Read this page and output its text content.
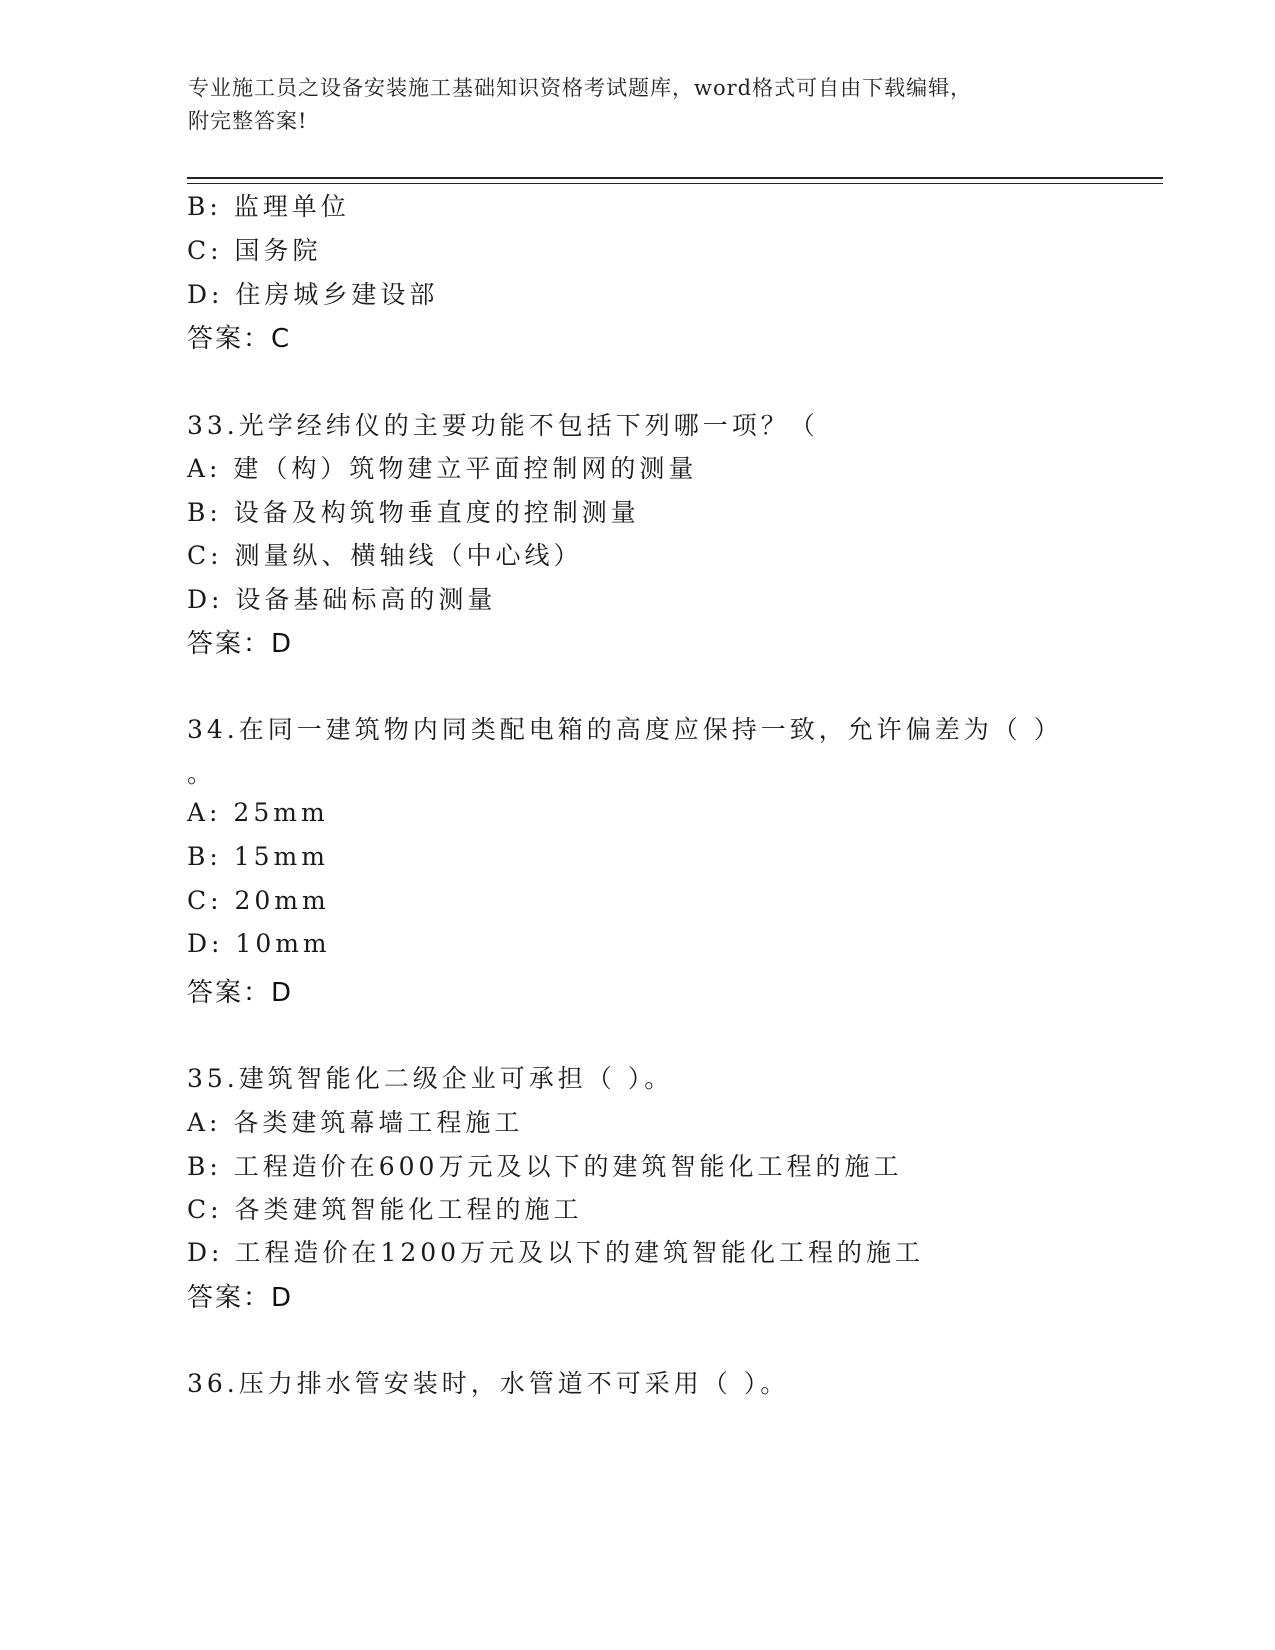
专业施工员之设备安装施工基础知识资格考试题库，word格式可自由下载编辑，
附完整答案!
B: 监理单位
C: 国务院
D: 住房城乡建设部
答案：C
33.光学经纬仪的主要功能不包括下列哪一项？（
A: 建（构）筑物建立平面控制网的测量
B: 设备及构筑物垂直度的控制测量
C: 测量纵、横轴线（中心线）
D: 设备基础标高的测量
答案：D
34.在同一建筑物内同类配电箱的高度应保持一致，允许偏差为（ ）
。
A: 25mm
B: 15mm
C: 20mm
D: 10mm
答案：D
35.建筑智能化二级企业可承担（ ）。
A: 各类建筑幕墙工程施工
B: 工程造价在600万元及以下的建筑智能化工程的施工
C: 各类建筑智能化工程的施工
D: 工程造价在1200万元及以下的建筑智能化工程的施工
答案：D
36.压力排水管安装时，水管道不可采用（ ）。
